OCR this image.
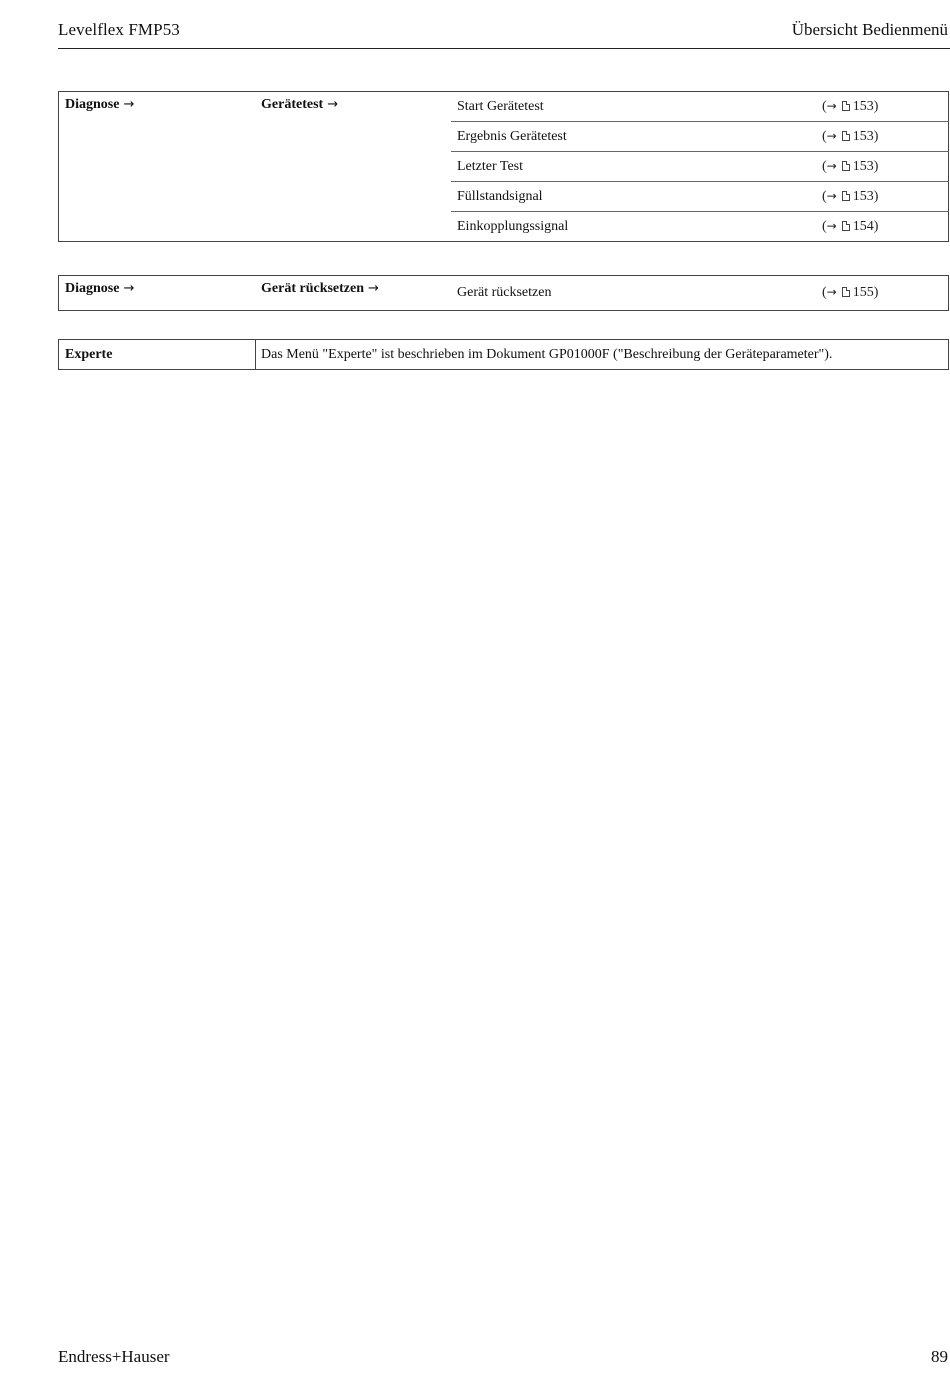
Levelflex FMP53	Übersicht Bedienmenü
Diagnose →	Gerätetest →	Start Gerätetest	(→ 153)
		Ergebnis Gerätetest	(→ 153)
		Letzter Test	(→ 153)
		Füllstandsignal	(→ 153)
		Einkopplungssignal	(→ 154)
Diagnose →	Gerät rücksetzen →	Gerät rücksetzen	(→ 155)
Experte	Das Menü "Experte" ist beschrieben im Dokument GP01000F ("Beschreibung der Geräteparameter").
Endress+Hauser	89
